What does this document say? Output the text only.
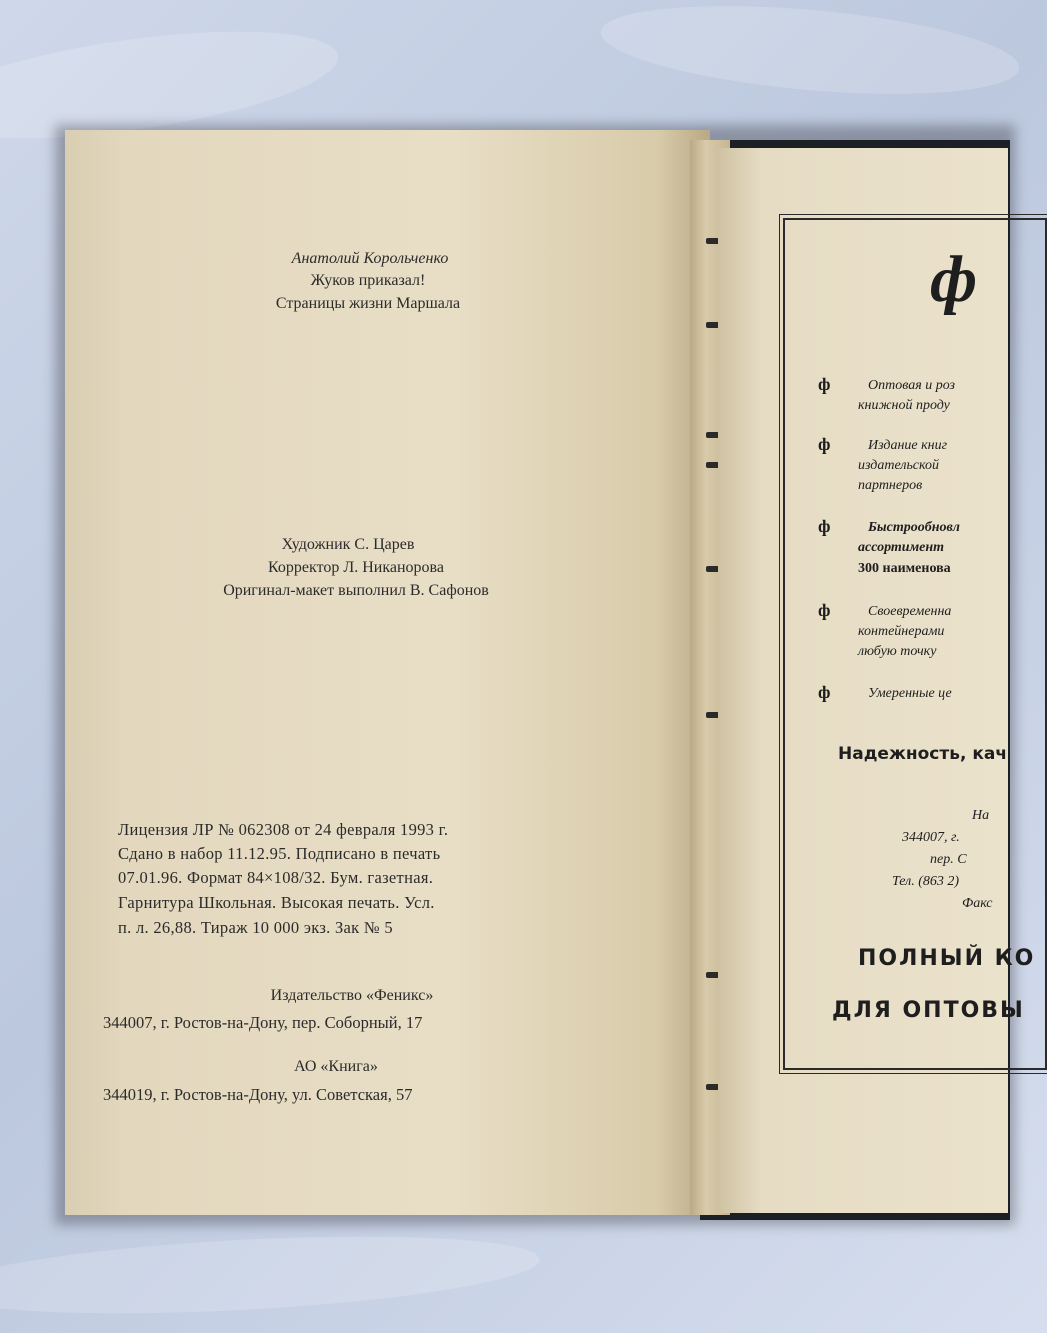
Анатолий Корольченко
Жуков приказал!
Страницы жизни Маршала
Художник С. Царев
Корректор Л. Никанорова
Оригинал-макет выполнил В. Сафонов
Лицензия ЛР № 062308 от 24 февраля 1993 г.
Сдано в набор 11.12.95. Подписано в печать
07.01.96. Формат 84×108/32. Бум. газетная.
Гарнитура Школьная. Высокая печать. Усл.
п. л. 26,88. Тираж 10 000 экз. Зак № 5
Издательство «Феникс»
344007, г. Ростов-на-Дону, пер. Соборный, 17
АО «Книга»
344019, г. Ростов-на-Дону, ул. Советская, 57
ф
ф	Оптовая и роз
книжной проду
ф	Издание книг
издательской
партнеров
ф	Быстрообновл
ассортимент
300 наименова
ф	Своевременна
контейнерами
любую точку
ф	Умеренные це
Надежность, кач
На
344007, г.
пер. С
Тел. (863 2)
Факс
ПОЛНЫЙ КО
ДЛЯ ОПТОВЫ
